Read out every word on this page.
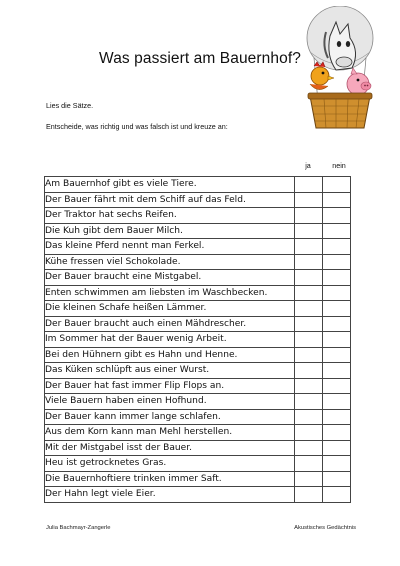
Was passiert am Bauernhof?
Lies die Sätze.
Entscheide, was richtig und was falsch ist und kreuze an:
ja	nein
Am Bauernhof gibt es viele Tiere.	

Der Bauer fährt mit dem Schiff auf das Feld.	

Der Traktor hat sechs Reifen.	

Die Kuh gibt dem Bauer Milch.	

Das kleine Pferd nennt man Ferkel.	

Kühe fressen viel Schokolade.	

Der Bauer braucht eine Mistgabel.	

Enten schwimmen am liebsten im Waschbecken.	

Die kleinen Schafe heißen Lämmer.	

Der Bauer braucht auch einen Mähdrescher.	

Im Sommer hat der Bauer wenig Arbeit.	

Bei den Hühnern gibt es Hahn und Henne.	

Das Küken schlüpft aus einer Wurst.	

Der Bauer hat fast immer Flip Flops an.	

Viele Bauern haben einen Hofhund.	

Der Bauer kann immer lange schlafen.	

Aus dem Korn kann man Mehl herstellen.	

Mit der Mistgabel isst der Bauer.	

Heu ist getrocknetes Gras.	

Die Bauernhoftiere trinken immer Saft.	

Der Hahn legt viele Eier.	

Julia Bachmayr-Zangerle	Akustisches Gedächtnis
